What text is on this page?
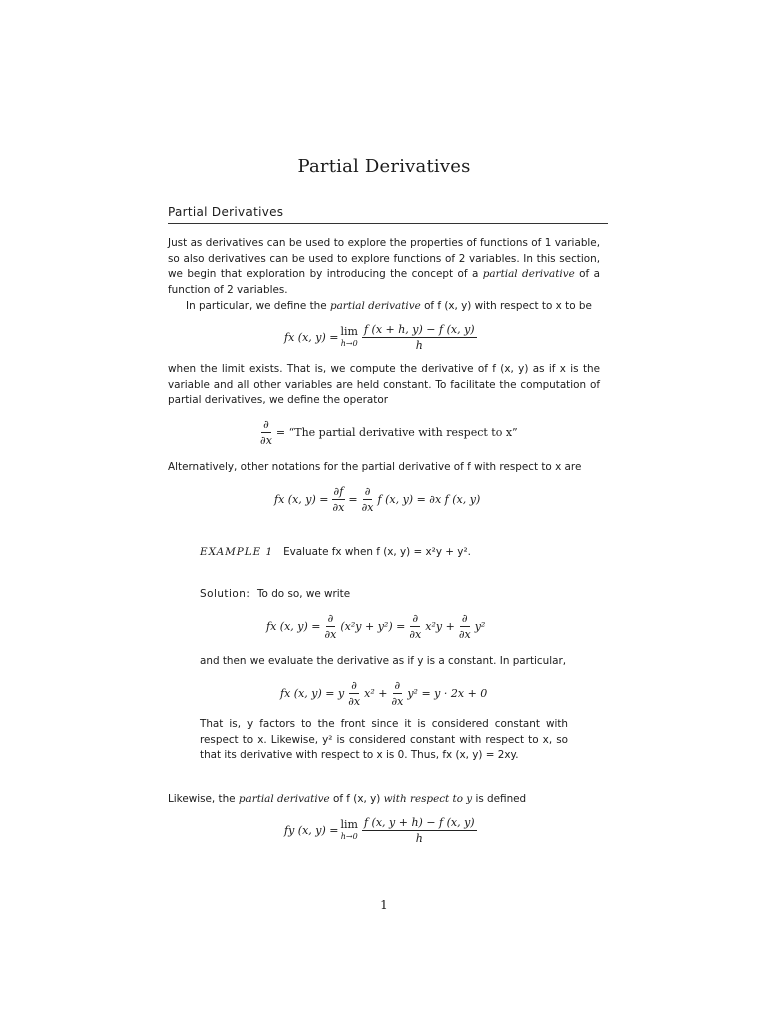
Partial Derivatives
Partial Derivatives
Just as derivatives can be used to explore the properties of functions of 1 variable, so also derivatives can be used to explore functions of 2 variables. In this section, we begin that exploration by introducing the concept of a partial derivative of a function of 2 variables.
In particular, we define the partial derivative of f (x, y) with respect to x to be
fx (x, y) = lim
$h\to 0 \frac{f (x + h, y) - f (x, y)}{h}$
when the limit exists. That is, we compute the derivative of f (x, y) as if x is the variable and all other variables are held constant. To facilitate the computation of partial derivatives, we define the operator
$\frac{\partial}{\partial x}$ = “The partial derivative with respect to x”
Alternatively, other notations for the partial derivative of f with respect to x are
fx (x, $y) = \frac{\partial f}{\partial x} = \frac{\partial}{\partial x}$ f (x, y) = ∂x f (x, y)
EXAMPLE 1 Evaluate fx when f (x, y) = x²y + y².
Solution: To do so, we write
fx (x, $y) = \frac{\partial}{\partial x} (x^2y + y^2) = \frac{\partial}{\partial x} x^2y + \frac{\partial}{\partial x} y^2$
and then we evaluate the derivative as if y is a constant. In particular,
fx (x, y) = y $\frac{\partial}{\partial x} x^2 + \frac{\partial}{\partial x} y^2 = y \cdot 2x + 0$
That is, y factors to the front since it is considered constant with respect to x. Likewise, y² is considered constant with respect to x, so that its derivative with respect to x is 0. Thus, fx (x, y) = 2xy.
Likewise, the partial derivative of f (x, y) with respect to y is defined
fy (x, y) = lim
$h\to 0 \frac{f (x, y + h) - f (x, y)}{h}$
1
